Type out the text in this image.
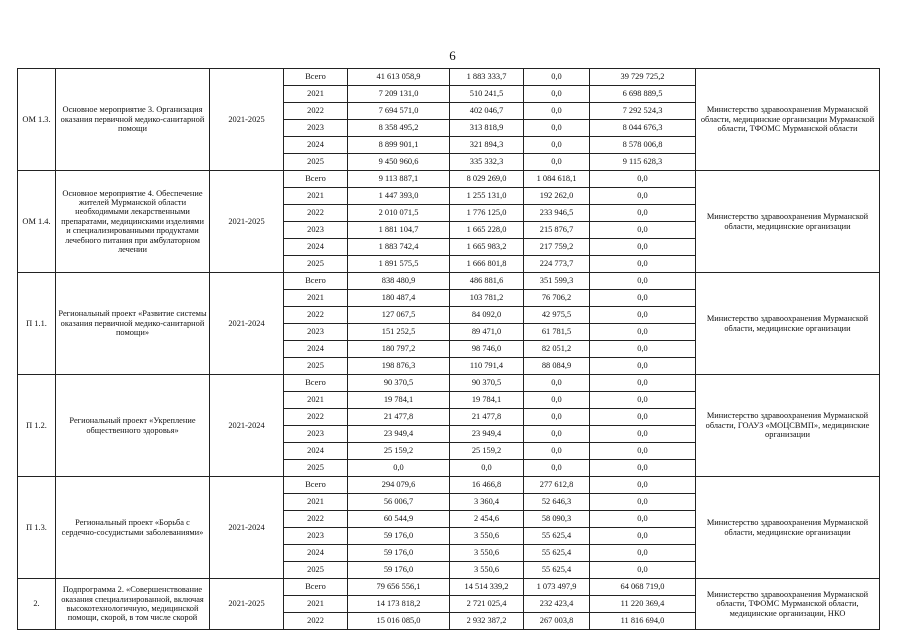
6
ОМ 1.3.	Основное мероприятие 3. Организация оказания первичной медико-санитарной помощи	2021-2025	Всего	41 613 058,9	1 883 333,7	0,0	39 729 725,2	Министерство здравоохранения Мурманской области, медицинские организации Мурманской области, ТФОМС Мурманской области
			2021	7 209 131,0	510 241,5	0,0	6 698 889,5	
			2022	7 694 571,0	402 046,7	0,0	7 292 524,3	
			2023	8 358 495,2	313 818,9	0,0	8 044 676,3	
			2024	8 899 901,1	321 894,3	0,0	8 578 006,8	
			2025	9 450 960,6	335 332,3	0,0	9 115 628,3	
ОМ 1.4.	Основное мероприятие 4. Обеспечение жителей Мурманской области необходимыми лекарственными препаратами, медицинскими изделиями и специализированными продуктами лечебного питания при амбулаторном лечении	2021-2025	Всего	9 113 887,1	8 029 269,0	1 084 618,1	0,0	Министерство здравоохранения Мурманской области, медицинские организации
			2021	1 447 393,0	1 255 131,0	192 262,0	0,0	
			2022	2 010 071,5	1 776 125,0	233 946,5	0,0	
			2023	1 881 104,7	1 665 228,0	215 876,7	0,0	
			2024	1 883 742,4	1 665 983,2	217 759,2	0,0	
			2025	1 891 575,5	1 666 801,8	224 773,7	0,0	
П 1.1.	Региональный проект «Развитие системы оказания первичной медико-санитарной помощи»	2021-2024	Всего	838 480,9	486 881,6	351 599,3	0,0	Министерство здравоохранения Мурманской области, медицинские организации
			2021	180 487,4	103 781,2	76 706,2	0,0	
			2022	127 067,5	84 092,0	42 975,5	0,0	
			2023	151 252,5	89 471,0	61 781,5	0,0	
			2024	180 797,2	98 746,0	82 051,2	0,0	
			2025	198 876,3	110 791,4	88 084,9	0,0	
П 1.2.	Региональный проект «Укрепление общественного здоровья»	2021-2024	Всего	90 370,5	90 370,5	0,0	0,0	Министерство здравоохранения Мурманской области, ГОАУЗ «МОЦСВМП», медицинские организации
			2021	19 784,1	19 784,1	0,0	0,0	
			2022	21 477,8	21 477,8	0,0	0,0	
			2023	23 949,4	23 949,4	0,0	0,0	
			2024	25 159,2	25 159,2	0,0	0,0	
			2025	0,0	0,0	0,0	0,0	
П 1.3.	Региональный проект «Борьба с сердечно-сосудистыми заболеваниями»	2021-2024	Всего	294 079,6	16 466,8	277 612,8	0,0	Министерство здравоохранения Мурманской области, медицинские организации
			2021	56 006,7	3 360,4	52 646,3	0,0	
			2022	60 544,9	2 454,6	58 090,3	0,0	
			2023	59 176,0	3 550,6	55 625,4	0,0	
			2024	59 176,0	3 550,6	55 625,4	0,0	
			2025	59 176,0	3 550,6	55 625,4	0,0	
2.	Подпрограмма 2. «Совершенствование оказания специализированной, включая высокотехнологичную, медицинской помощи, скорой, в том числе скорой	2021-2025	Всего	79 656 556,1	14 514 339,2	1 073 497,9	64 068 719,0	Министерство здравоохранения Мурманской области, ТФОМС Мурманской области, медицинские организации, НКО
			2021	14 173 818,2	2 721 025,4	232 423,4	11 220 369,4	
			2022	15 016 085,0	2 932 387,2	267 003,8	11 816 694,0	
